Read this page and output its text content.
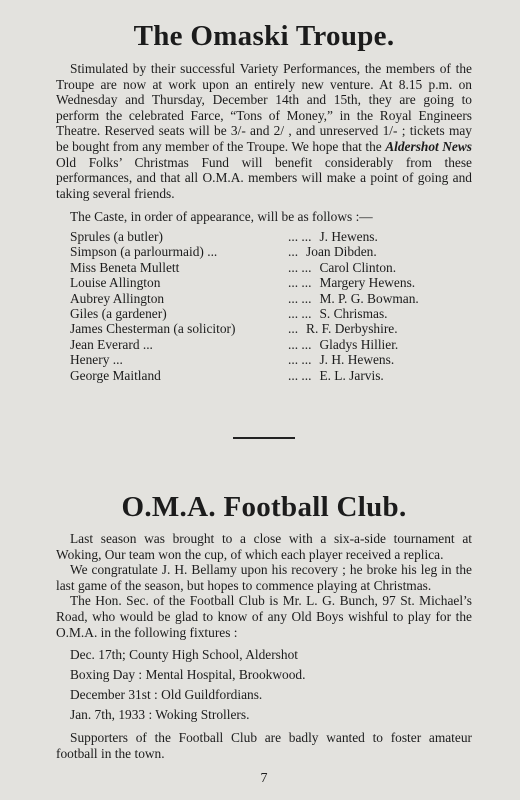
The Omaski Troupe.

Stimulated by their successful Variety Performances, the members of the Troupe are now at work upon an entirely new venture. At 8.15 p.m. on Wednesday and Thursday, December 14th and 15th, they are going to perform the celebrated Farce, “Tons of Money,” in the Royal Engineers Theatre. Reserved seats will be 3/- and 2/ , and unreserved 1/- ; tickets may be bought from any member of the Troupe. We hope that the Aldershot News Old Folks’ Christmas Fund will benefit considerably from these performances, and that all O.M.A. members will make a point of going and taking several friends.

The Caste, in order of appearance, will be as follows :—

Sprules (a butler)	... ... J. Hewens.
Simpson (a parlourmaid) ...	... Joan Dibden.
Miss Beneta Mullett	... ... Carol Clinton.
Louise Allington	... ... Margery Hewens.
Aubrey Allington	... ... M. P. G. Bowman.
Giles (a gardener)	... ... S. Chrismas.
James Chesterman (a solicitor)	... R. F. Derbyshire.
Jean Everard ...	... ... Gladys Hillier.
Henery ...	... ... J. H. Hewens.
George Maitland	... ... E. L. Jarvis.
O.M.A. Football Club.

Last season was brought to a close with a six-a-side tournament at Woking, Our team won the cup, of which each player received a replica.

We congratulate J. H. Bellamy upon his recovery ; he broke his leg in the last game of the season, but hopes to commence playing at Christmas.

The Hon. Sec. of the Football Club is Mr. L. G. Bunch, 97 St. Michael’s Road, who would be glad to know of any Old Boys wishful to play for the O.M.A. in the following fixtures :

Dec. 17th; County High School, Aldershot
Boxing Day : Mental Hospital, Brookwood.
December 31st : Old Guildfordians.
Jan. 7th, 1933 : Woking Strollers.

Supporters of the Football Club are badly wanted to foster amateur football in the town.

7
